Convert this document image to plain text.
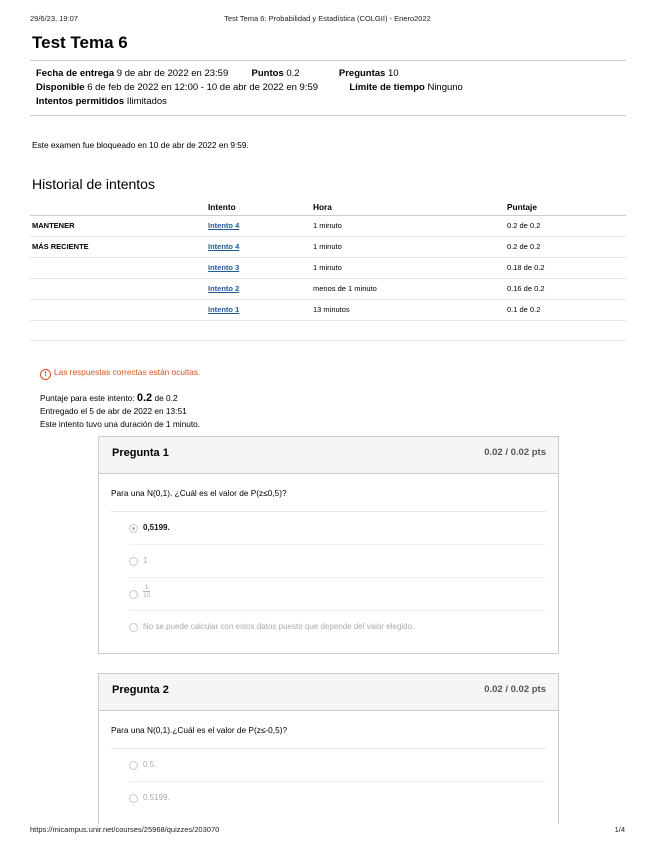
29/6/23, 19:07	Test Tema 6: Probabilidad y Estadística (COLGII) - Enero2022
Test Tema 6
Fecha de entrega 9 de abr de 2022 en 23:59 Puntos 0.2	Preguntas 10
Disponible 6 de feb de 2022 en 12:00 - 10 de abr de 2022 en 9:59	Límite de tiempo Ninguno
Intentos permitidos Ilimitados
Este examen fue bloqueado en 10 de abr de 2022 en 9:59.
Historial de intentos
	Intento	Hora	Puntaje
MANTENER	Intento 4	1 minuto	0.2 de 0.2
MÁS RECIENTE	Intento 4	1 minuto	0.2 de 0.2
	Intento 3	1 minuto	0.18 de 0.2
	Intento 2	menos de 1 minuto	0.16 de 0.2
	Intento 1	13 minutos	0.1 de 0.2

! Las respuestas correctas están ocultas.
Puntaje para este intento: 0.2 de 0.2
Entregado el 5 de abr de 2022 en 13:51
Este intento tuvo una duración de 1 minuto.
Pregunta 1	0.02 / 0.02 pts
Para una N(0,1). ¿Cuál es el valor de P(z≤0,5)?
0,5199.
1
$\frac{1}{10}$
No se puede calcular con estos datos puesto que depende del valor elegido.
Pregunta 2	0.02 / 0.02 pts
Para una N(0,1).¿Cuál es el valor de P(z≤-0,5)?
0.5.
0.5199.
https://micampus.unir.net/courses/25968/quizzes/203070	1/4
